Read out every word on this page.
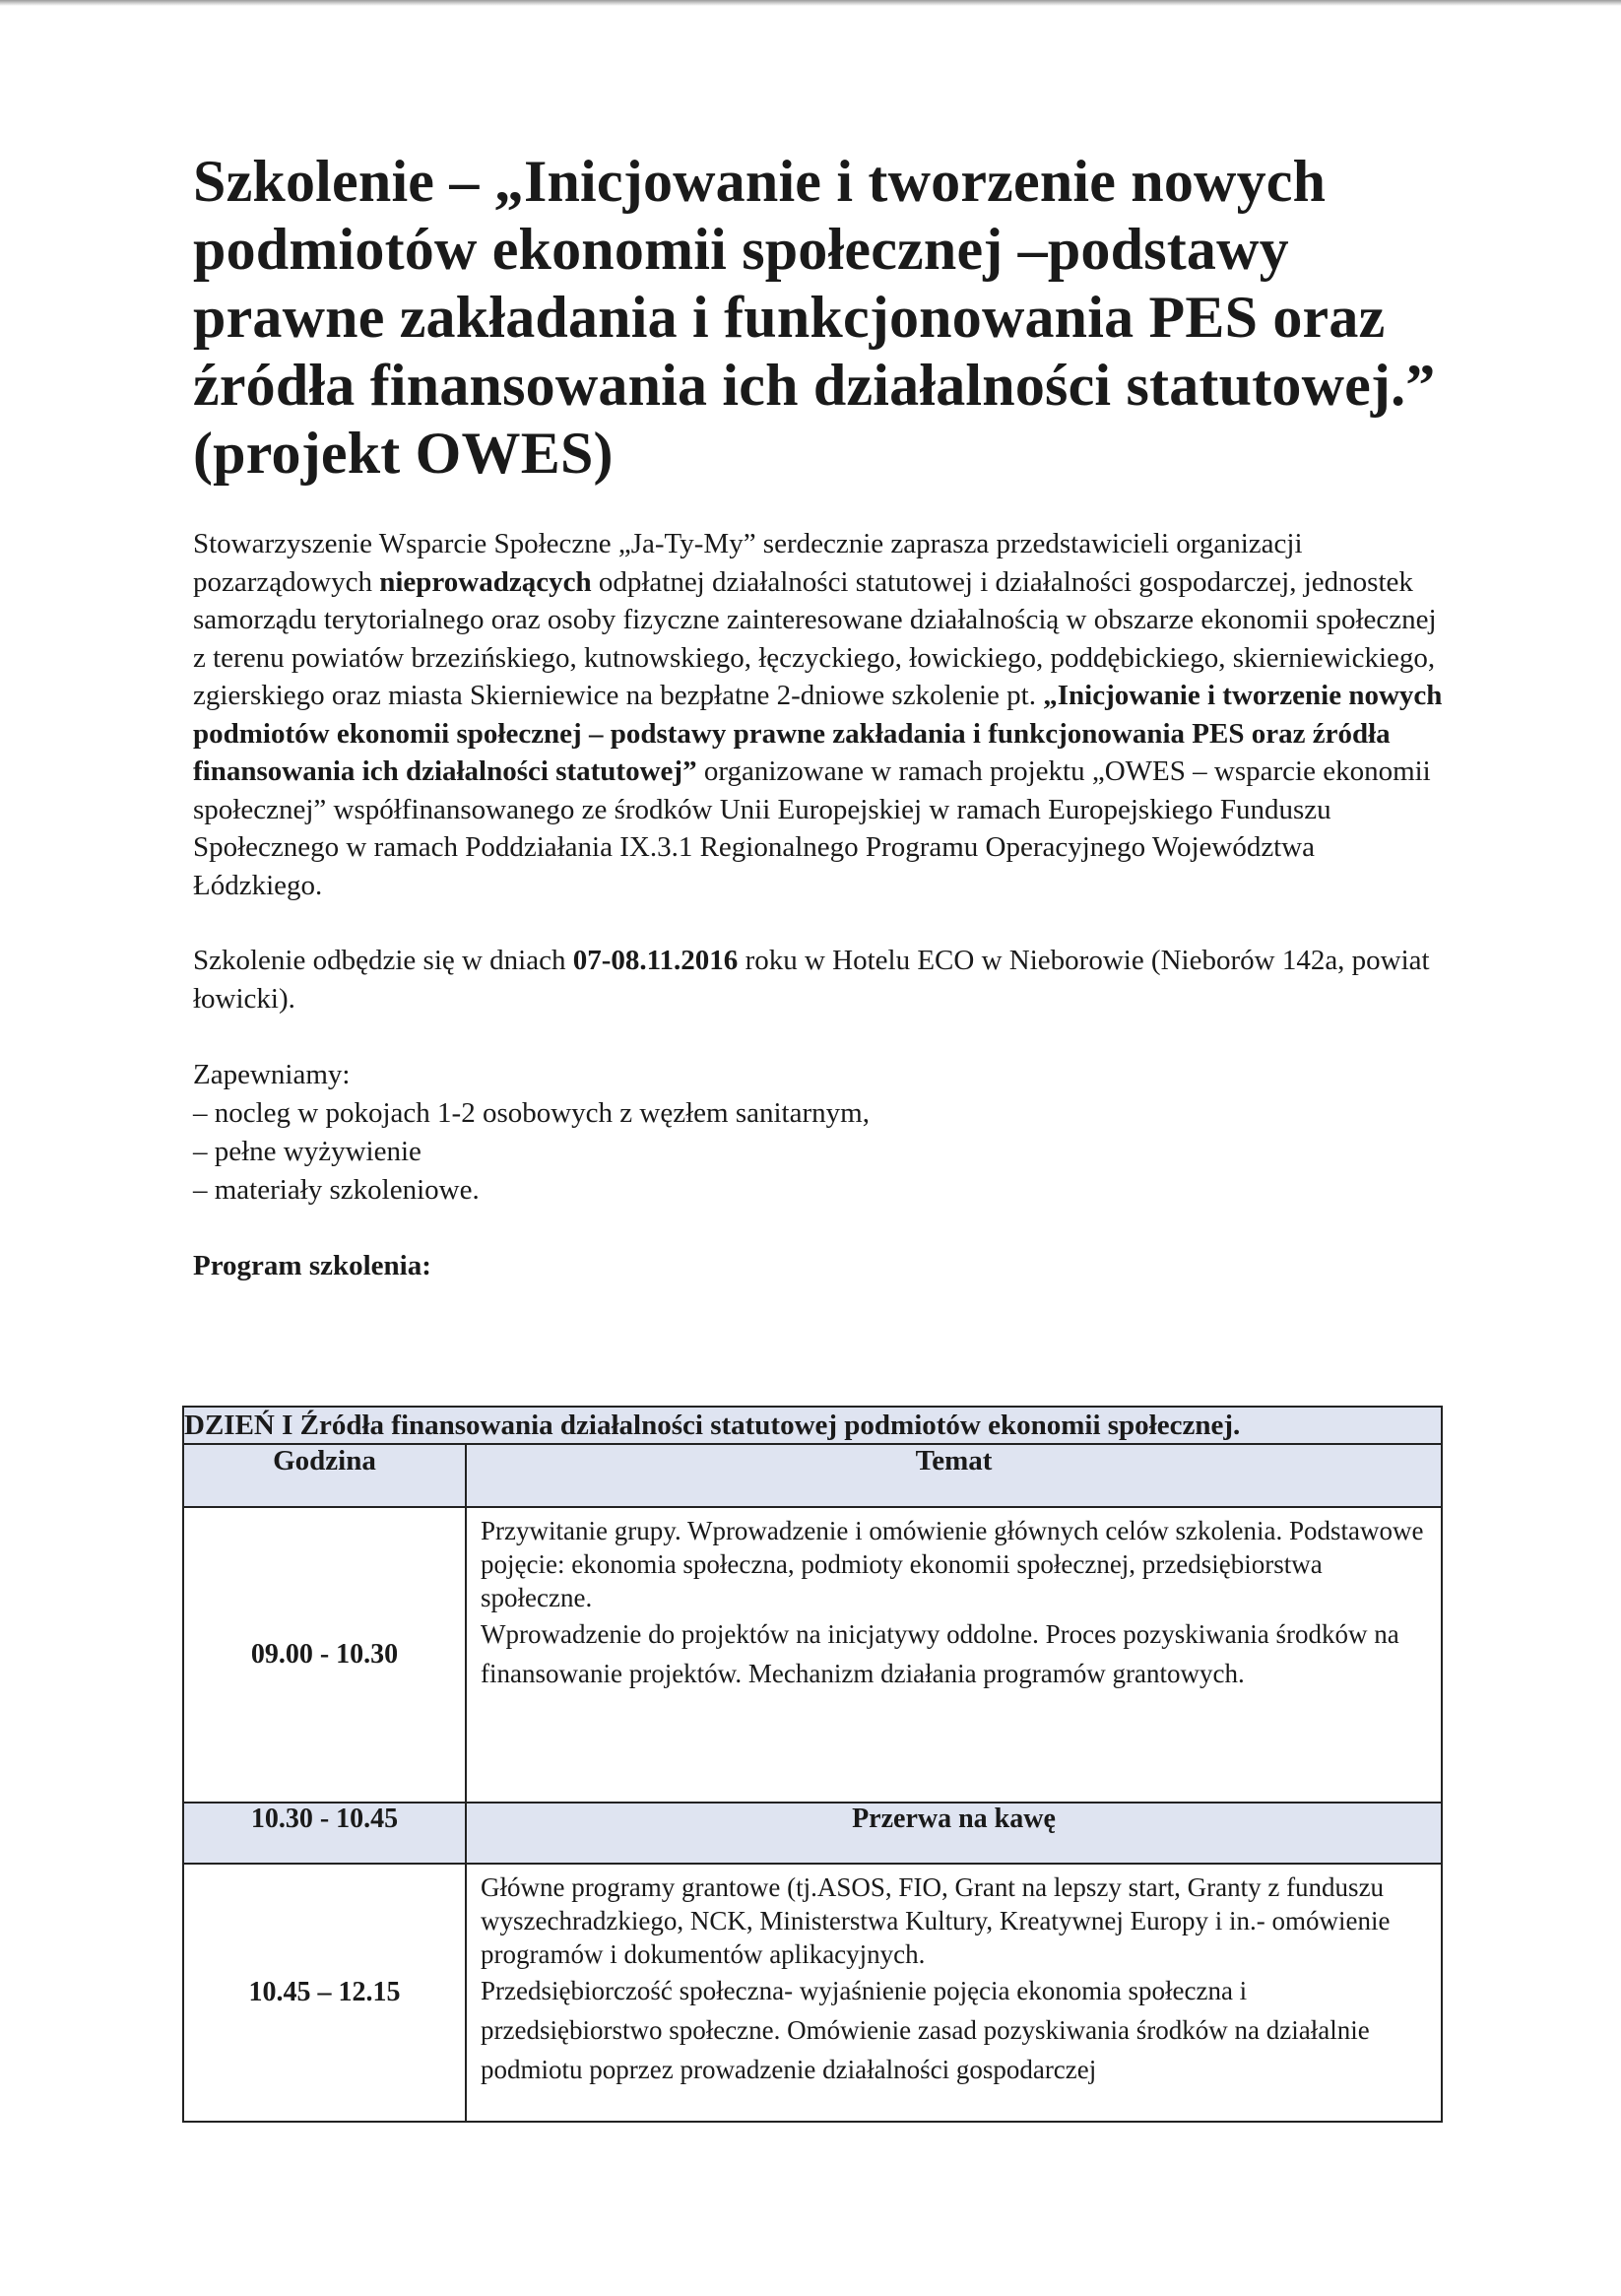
Szkolenie – „Inicjowanie i tworzenie nowych podmiotów ekonomii społecznej –podstawy prawne zakładania i funkcjonowania PES oraz źródła finansowania ich działalności statutowej.” (projekt OWES)

Stowarzyszenie Wsparcie Społeczne „Ja-Ty-My” serdecznie zaprasza przedstawicieli organizacji pozarządowych nieprowadzących odpłatnej działalności statutowej i działalności gospodarczej, jednostek samorządu terytorialnego oraz osoby fizyczne zainteresowane działalnością w obszarze ekonomii społecznej z terenu powiatów brzezińskiego, kutnowskiego, łęczyckiego, łowickiego, poddębickiego, skierniewickiego, zgierskiego oraz miasta Skierniewice na bezpłatne 2-dniowe szkolenie pt. „Inicjowanie i tworzenie nowych podmiotów ekonomii społecznej – podstawy prawne zakładania i funkcjonowania PES oraz źródła finansowania ich działalności statutowej” organizowane w ramach projektu „OWES – wsparcie ekonomii społecznej” współfinansowanego ze środków Unii Europejskiej w ramach Europejskiego Funduszu Społecznego w ramach Poddziałania IX.3.1 Regionalnego Programu Operacyjnego Województwa Łódzkiego.

Szkolenie odbędzie się w dniach 07-08.11.2016 roku w Hotelu ECO w Nieborowie (Nieborów 142a, powiat łowicki).

Zapewniamy:
– nocleg w pokojach 1-2 osobowych z węzłem sanitarnym,
– pełne wyżywienie
– materiały szkoleniowe.
Program szkolenia:
DZIEŃ I Źródła finansowania działalności statutowej podmiotów ekonomii społecznej.	
Godzina	Temat
09.00 - 10.30	Przywitanie grupy. Wprowadzenie i omówienie głównych celów szkolenia. Podstawowe pojęcie: ekonomia społeczna, podmioty ekonomii społecznej, przedsiębiorstwa społeczne.

Wprowadzenie do projektów na inicjatywy oddolne. Proces pozyskiwania środków na finansowanie projektów. Mechanizm działania programów grantowych.

10.30 - 10.45	Przerwa na kawę
10.45 – 12.15	Główne programy grantowe (tj.ASOS, FIO, Grant na lepszy start, Granty z funduszu wyszechradzkiego, NCK, Ministerstwa Kultury, Kreatywnej Europy i in.- omówienie programów i dokumentów aplikacyjnych.

Przedsiębiorczość społeczna- wyjaśnienie pojęcia ekonomia społeczna i przedsiębiorstwo społeczne. Omówienie zasad pozyskiwania środków na działalnie podmiotu poprzez prowadzenie działalności gospodarczej
